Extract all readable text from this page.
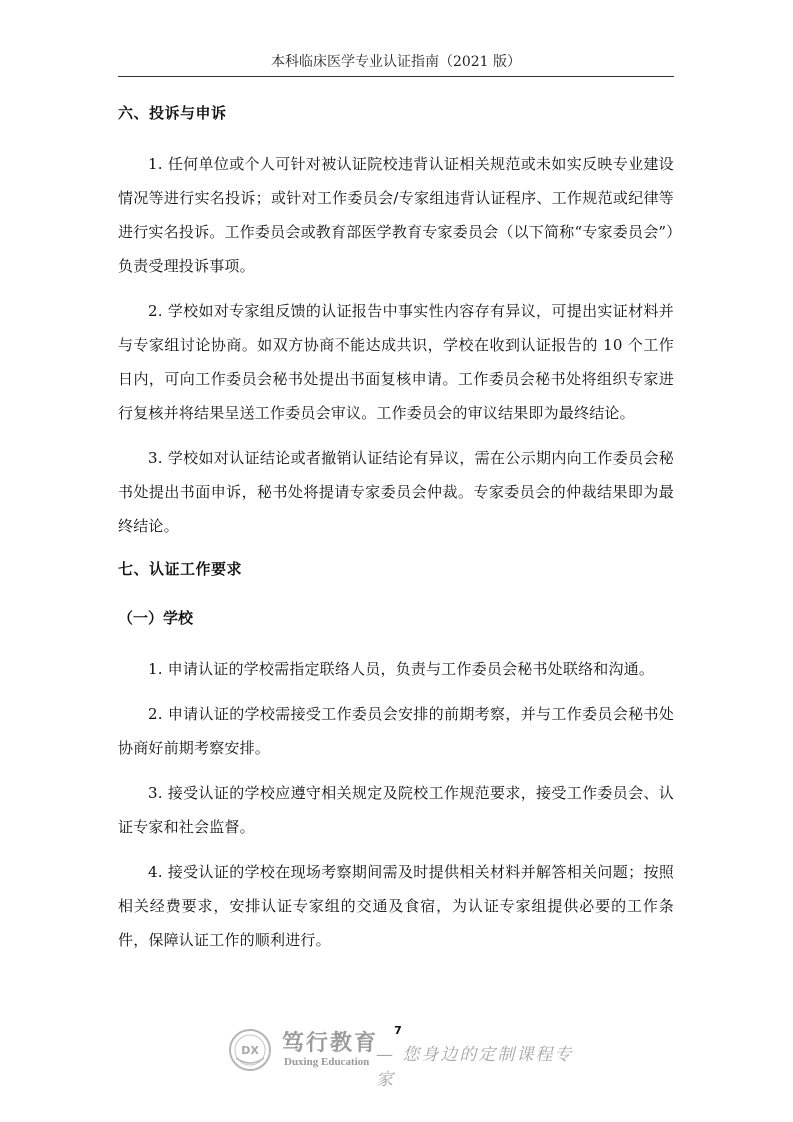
本科临床医学专业认证指南（2021 版）
六、投诉与申诉

1. 任何单位或个人可针对被认证院校违背认证相关规范或未如实反映专业建设情况等进行实名投诉；或针对工作委员会/专家组违背认证程序、工作规范或纪律等进行实名投诉。工作委员会或教育部医学教育专家委员会（以下简称“专家委员会”）负责受理投诉事项。

2. 学校如对专家组反馈的认证报告中事实性内容存有异议，可提出实证材料并与专家组讨论协商。如双方协商不能达成共识，学校在收到认证报告的 10 个工作日内，可向工作委员会秘书处提出书面复核申请。工作委员会秘书处将组织专家进行复核并将结果呈送工作委员会审议。工作委员会的审议结果即为最终结论。

3. 学校如对认证结论或者撤销认证结论有异议，需在公示期内向工作委员会秘书处提出书面申诉，秘书处将提请专家委员会仲裁。专家委员会的仲裁结果即为最终结论。

七、认证工作要求
（一）学校

1. 申请认证的学校需指定联络人员，负责与工作委员会秘书处联络和沟通。

2. 申请认证的学校需接受工作委员会安排的前期考察，并与工作委员会秘书处协商好前期考察安排。

3. 接受认证的学校应遵守相关规定及院校工作规范要求，接受工作委员会、认证专家和社会监督。

4. 接受认证的学校在现场考察期间需及时提供相关材料并解答相关问题；按照相关经费要求，安排认证专家组的交通及食宿，为认证专家组提供必要的工作条件，保障认证工作的顺利进行。

7
DX 笃行教育
Duxing Education — 您身边的定制课程专家
